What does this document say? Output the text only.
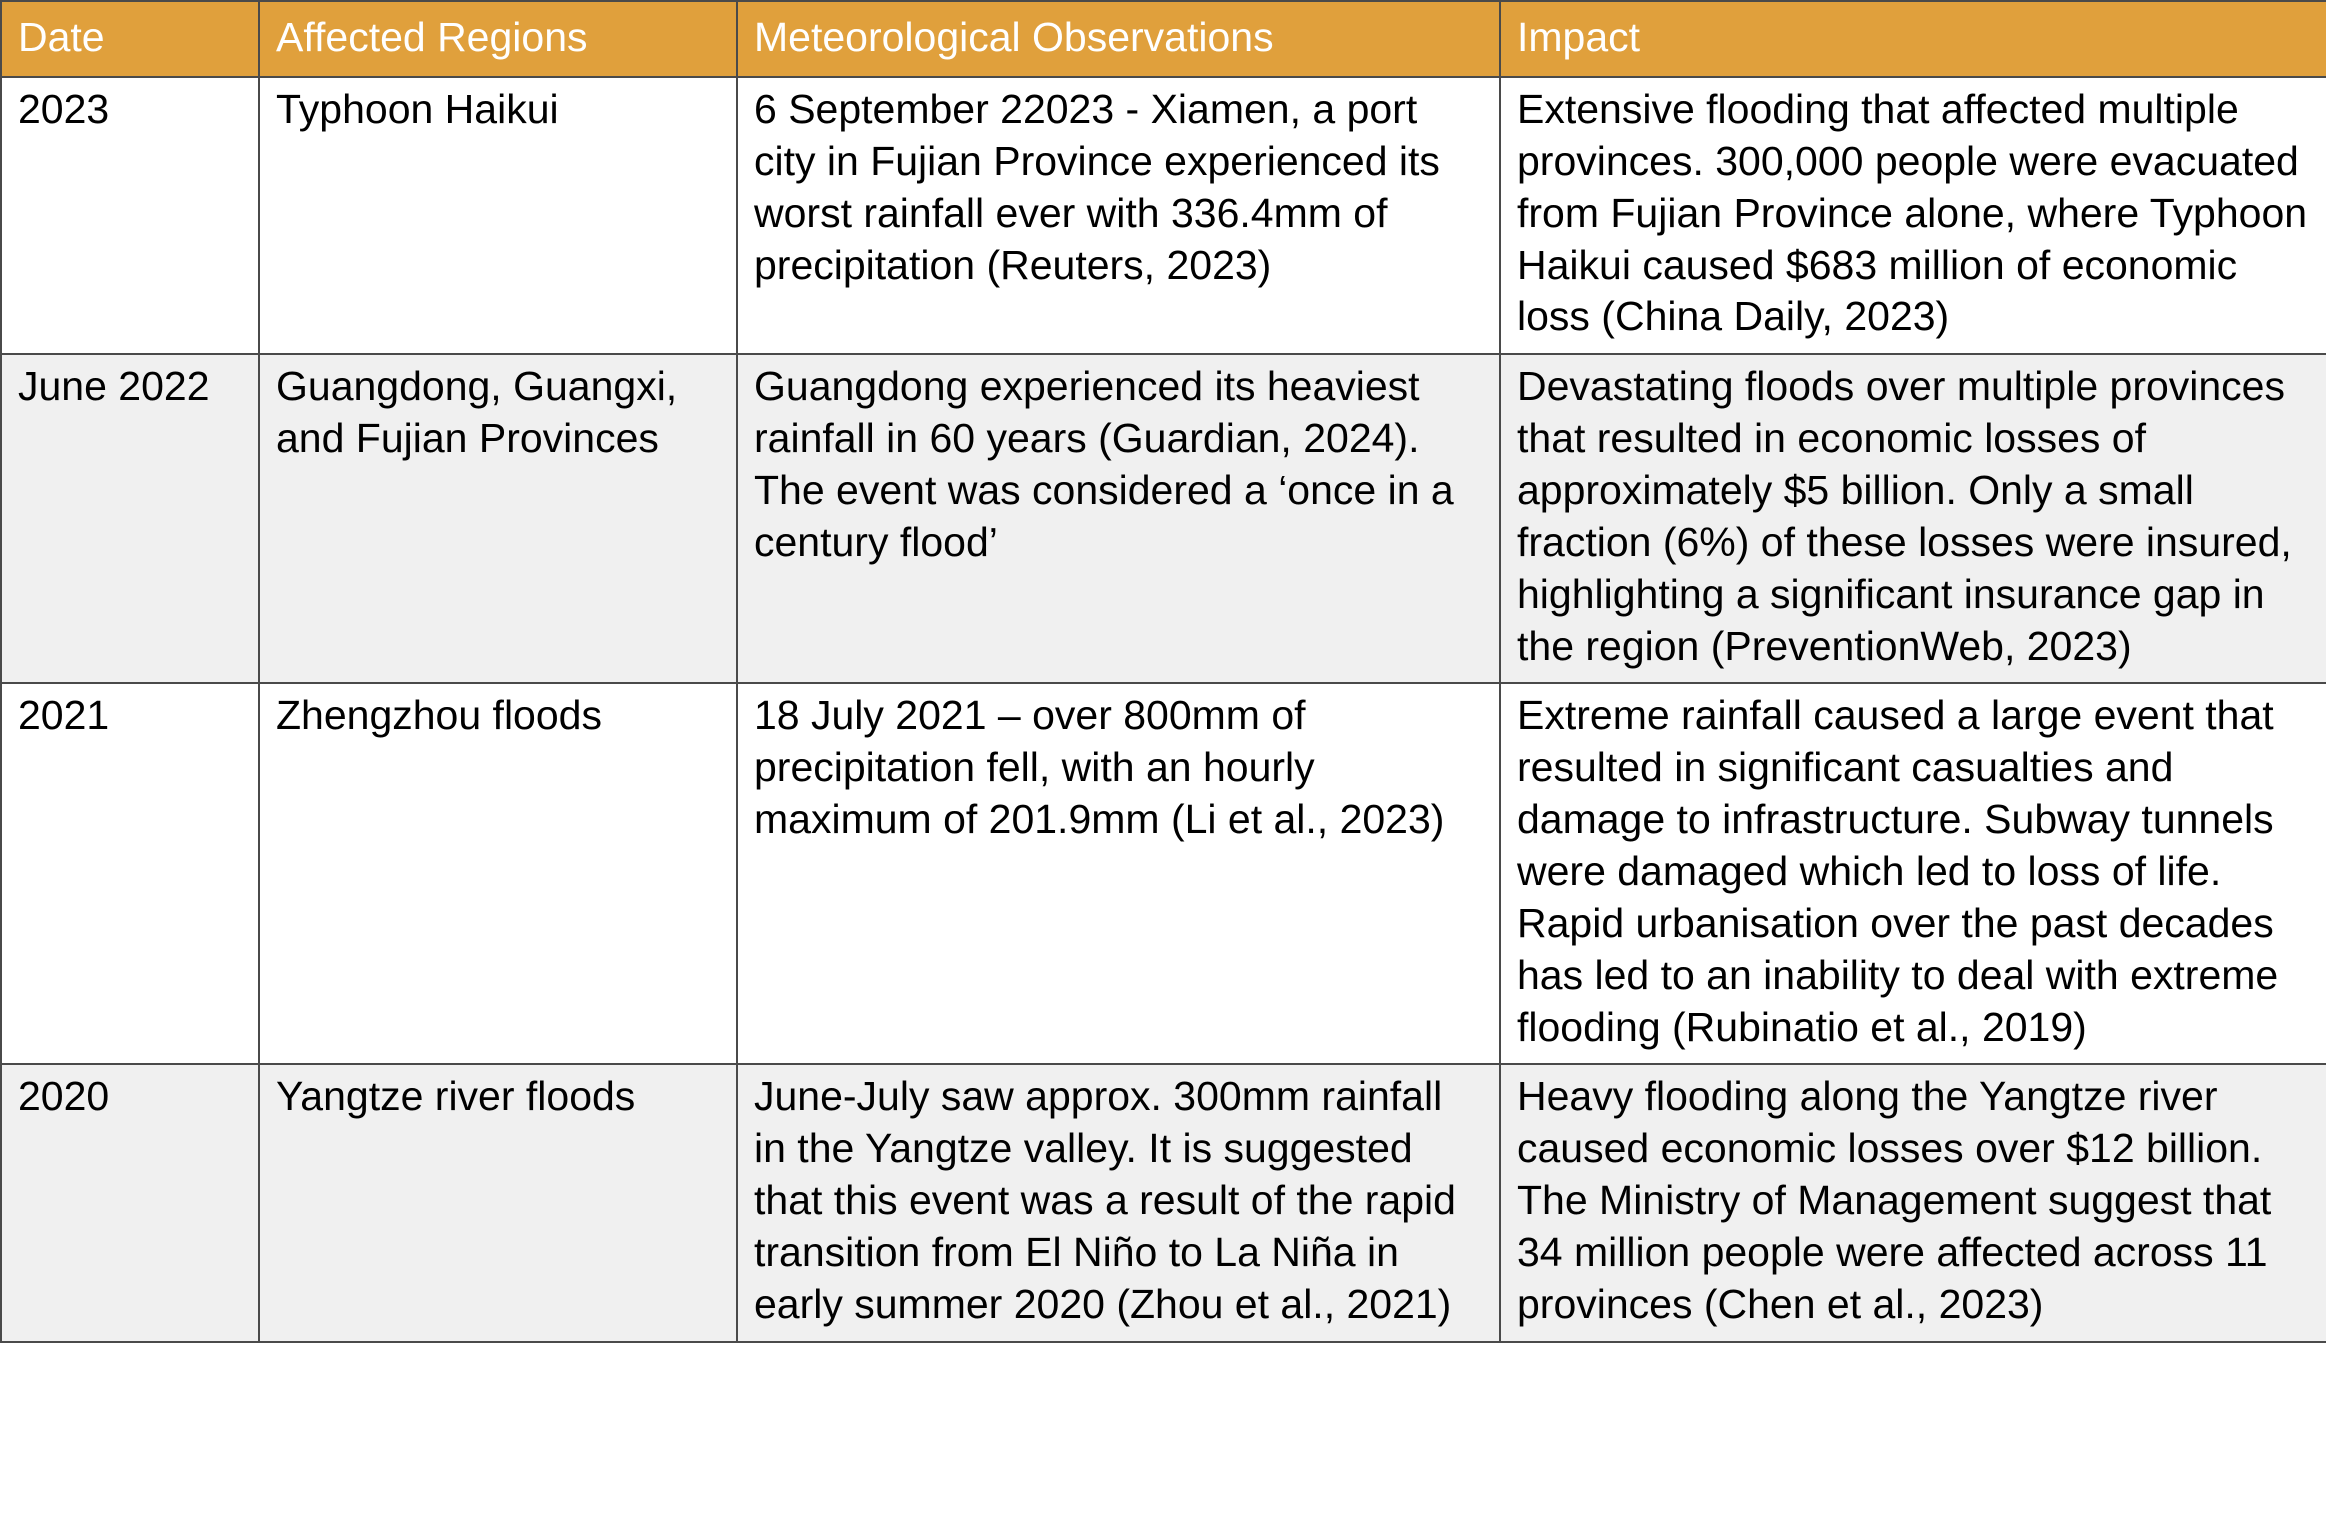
Date	Affected Regions	Meteorological Observations	Impact

2023	Typhoon Haikui	6 September 22023 - Xiamen, a port city in Fujian Province experienced its worst rainfall ever with 336.4mm of precipitation (Reuters, 2023)	Extensive flooding that affected multiple provinces. 300,000 people were evacuated from Fujian Province alone, where Typhoon Haikui caused $683 million of economic loss (China Daily, 2023)

June 2022	Guangdong, Guangxi, and Fujian Provinces	Guangdong experienced its heaviest rainfall in 60 years (Guardian, 2024). The event was considered a ‘once in a century flood’	Devastating floods over multiple provinces that resulted in economic losses of approximately $5 billion. Only a small fraction (6%) of these losses were insured, highlighting a significant insurance gap in the region (PreventionWeb, 2023)

2021	Zhengzhou floods	18 July 2021 – over 800mm of precipitation fell, with an hourly maximum of 201.9mm (Li et al., 2023)	Extreme rainfall caused a large event that resulted in significant casualties and damage to infrastructure. Subway tunnels were damaged which led to loss of life. Rapid urbanisation over the past decades has led to an inability to deal with extreme flooding (Rubinatio et al., 2019)

2020	Yangtze river floods	June-July saw approx. 300mm rainfall in the Yangtze valley. It is suggested that this event was a result of the rapid transition from El Niño to La Niña in early summer 2020 (Zhou et al., 2021)	Heavy flooding along the Yangtze river caused economic losses over $12 billion. The Ministry of Management suggest that 34 million people were affected across 11 provinces (Chen et al., 2023)
